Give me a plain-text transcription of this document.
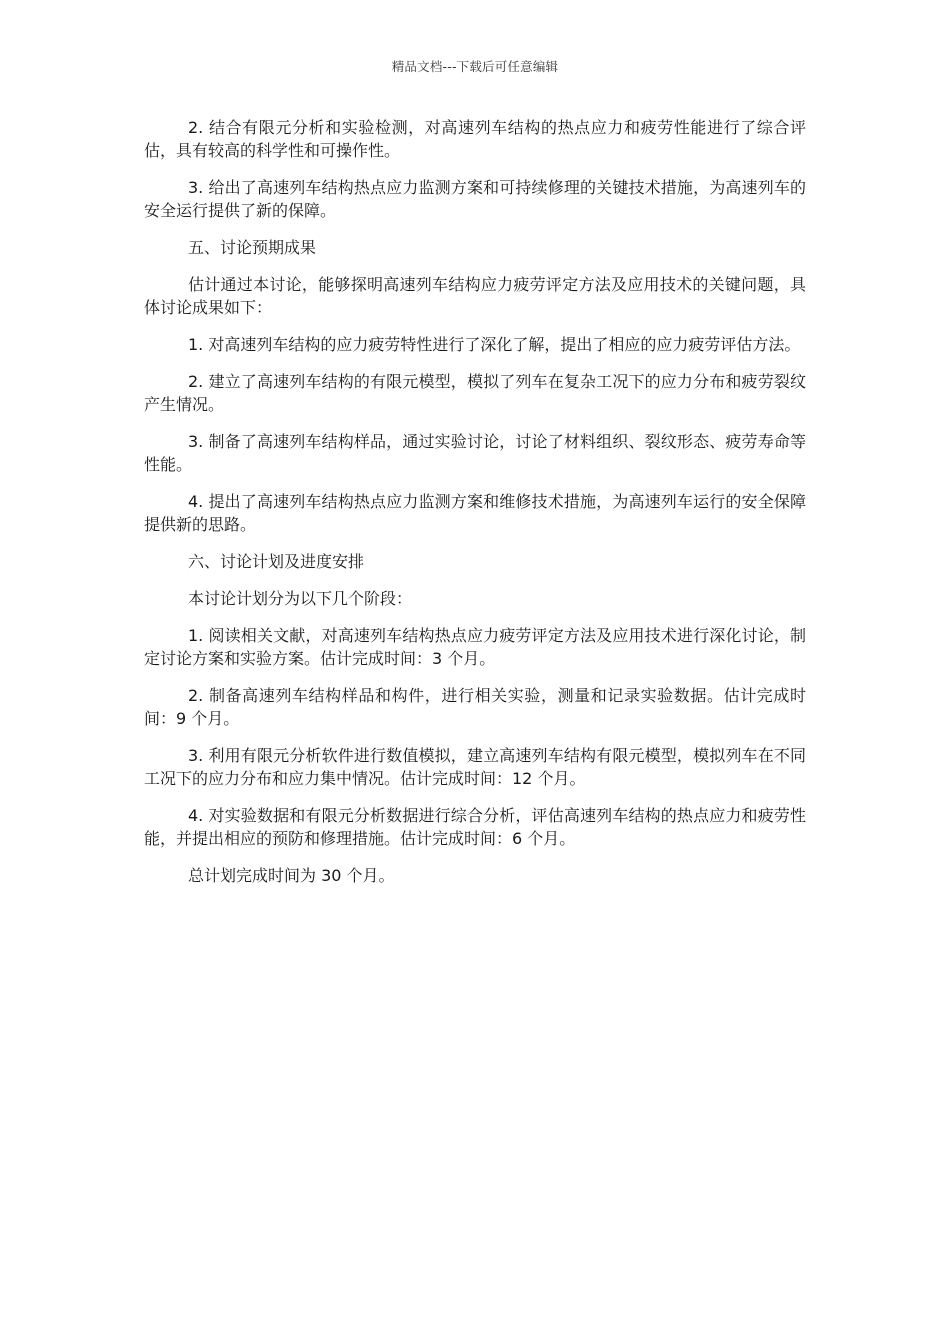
精品文档---下载后可任意编辑

2. 结合有限元分析和实验检测，对高速列车结构的热点应力和疲劳性能进行了综合评估，具有较高的科学性和可操作性。

3. 给出了高速列车结构热点应力监测方案和可持续修理的关键技术措施，为高速列车的安全运行提供了新的保障。

五、讨论预期成果

估计通过本讨论，能够探明高速列车结构应力疲劳评定方法及应用技术的关键问题，具体讨论成果如下：

1. 对高速列车结构的应力疲劳特性进行了深化了解，提出了相应的应力疲劳评估方法。

2. 建立了高速列车结构的有限元模型，模拟了列车在复杂工况下的应力分布和疲劳裂纹产生情况。

3. 制备了高速列车结构样品，通过实验讨论，讨论了材料组织、裂纹形态、疲劳寿命等性能。

4. 提出了高速列车结构热点应力监测方案和维修技术措施，为高速列车运行的安全保障提供新的思路。

六、讨论计划及进度安排

本讨论计划分为以下几个阶段：

1. 阅读相关文献，对高速列车结构热点应力疲劳评定方法及应用技术进行深化讨论，制定讨论方案和实验方案。估计完成时间：3 个月。

2. 制备高速列车结构样品和构件，进行相关实验，测量和记录实验数据。估计完成时间：9 个月。

3. 利用有限元分析软件进行数值模拟，建立高速列车结构有限元模型，模拟列车在不同工况下的应力分布和应力集中情况。估计完成时间：12 个月。

4. 对实验数据和有限元分析数据进行综合分析，评估高速列车结构的热点应力和疲劳性能，并提出相应的预防和修理措施。估计完成时间：6 个月。

总计划完成时间为 30 个月。
